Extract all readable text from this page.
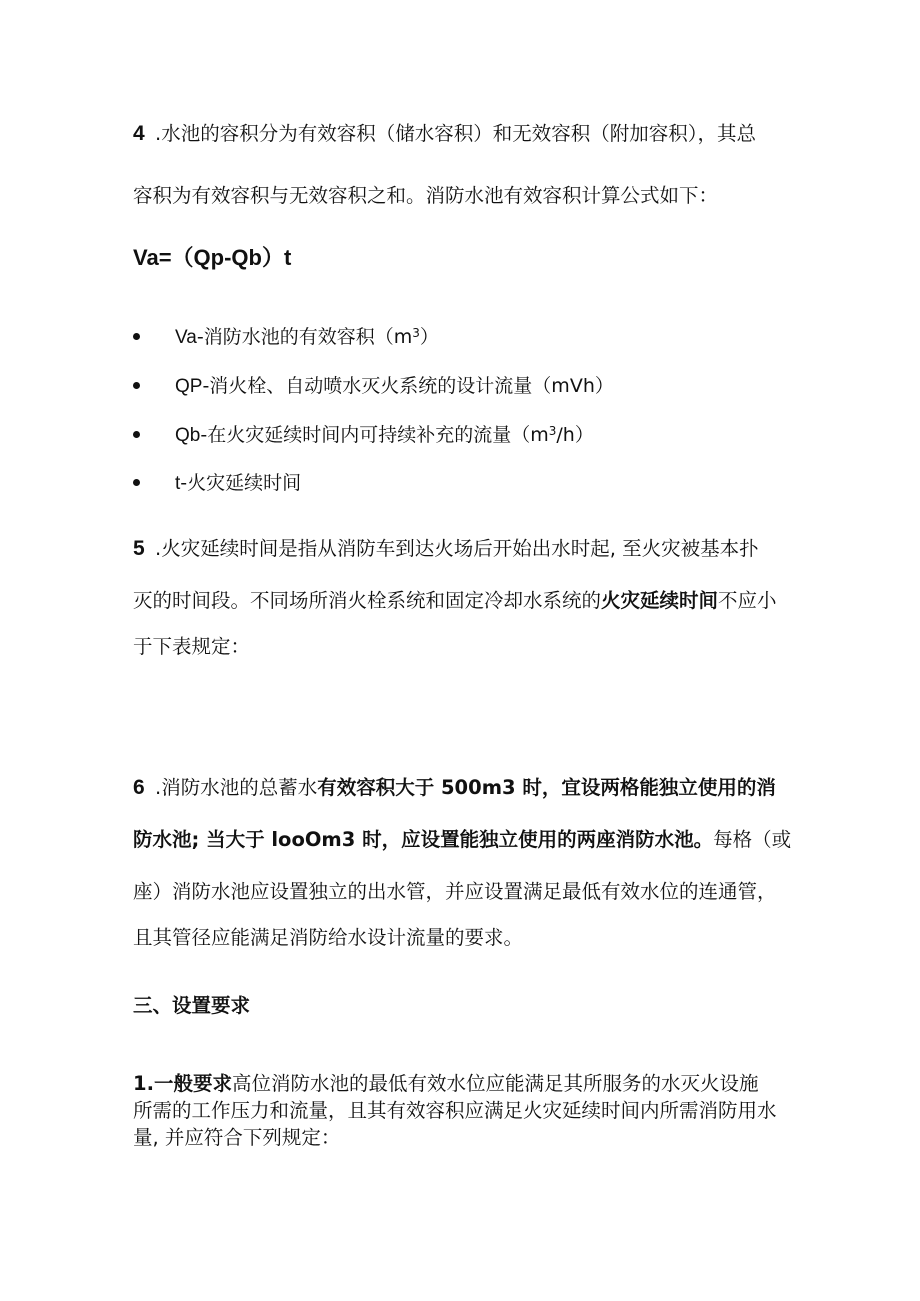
4 .水池的容积分为有效容积（储水容积）和无效容积（附加容积），其总
容积为有效容积与无效容积之和。消防水池有效容积计算公式如下：
Va=（Qp-Qb）t
Va-消防水池的有效容积$(m^3)$
QP-消火栓、自动喷水灭火系统的设计流量（mVh）
Qb-在火灾延续时间内可持续补充的流量$(m^3/h)$
t-火灾延续时间
5 .火灾延续时间是指从消防车到达火场后开始出水时起, 至火灾被基本扑
灭的时间段。不同场所消火栓系统和固定冷却水系统的火灾延续时间不应小
于下表规定：
6 .消防水池的总蓄水有效容积大于 500m3 时，宜设两格能独立使用的消
防水池; 当大于 looOm3 时，应设置能独立使用的两座消防水池。每格（或
座）消防水池应设置独立的出水管，并应设置满足最低有效水位的连通管，
且其管径应能满足消防给水设计流量的要求。
三、设置要求
1.一般要求高位消防水池的最低有效水位应能满足其所服务的水灭火设施
所需的工作压力和流量，且其有效容积应满足火灾延续时间内所需消防用水
量, 并应符合下列规定：
